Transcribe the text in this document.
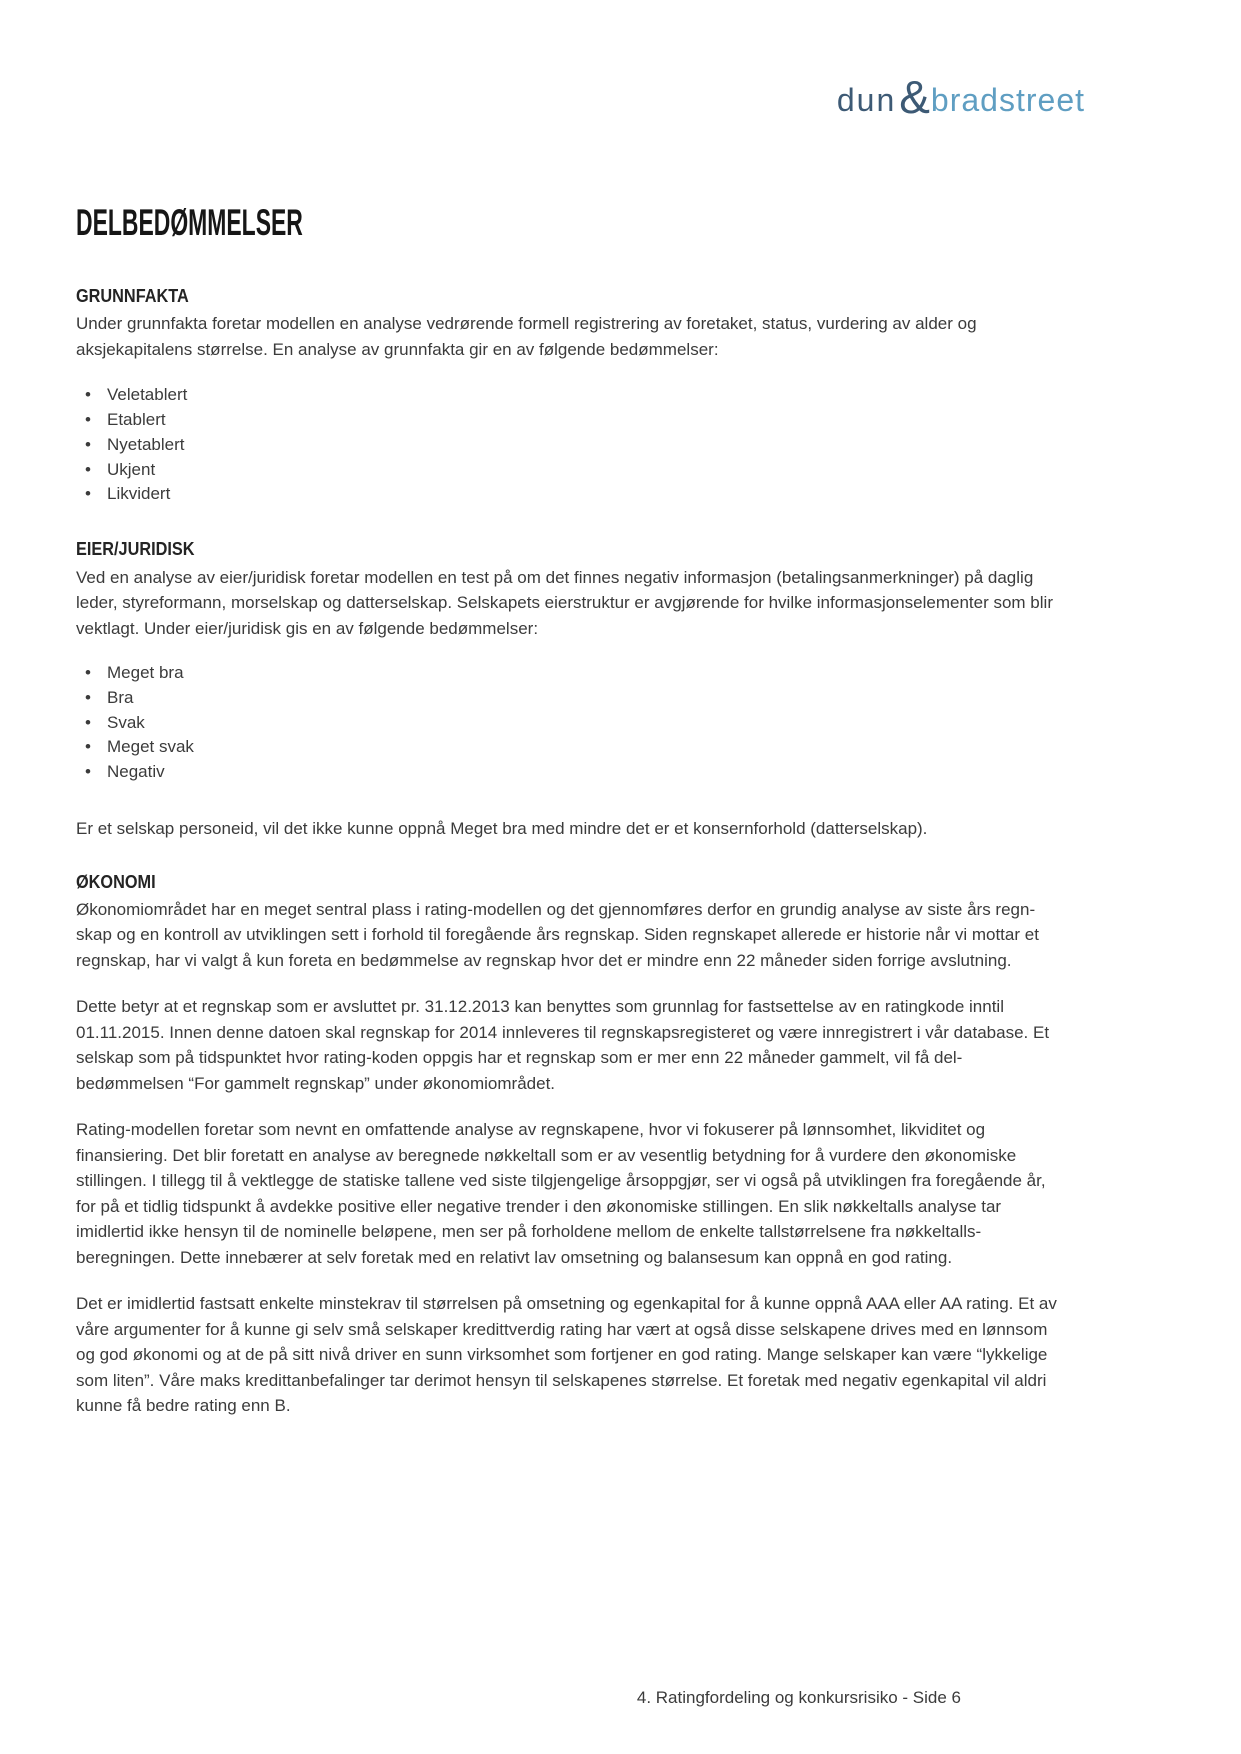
dun & bradstreet
DELBEDØMMELSER
GRUNNFAKTA

Under grunnfakta foretar modellen en analyse vedrørende formell registrering av foretaket, status, vurdering av alder og aksjekapitalens størrelse. En analyse av grunnfakta gir en av følgende bedømmelser:

• Veletablert
• Etablert
• Nyetablert
• Ukjent
• Likvidert
EIER/JURIDISK

Ved en analyse av eier/juridisk foretar modellen en test på om det finnes negativ informasjon (betalingsanmerkninger) på daglig leder, styreformann, morselskap og datterselskap. Selskapets eierstruktur er avgjørende for hvilke informasjonselementer som blir vektlagt. Under eier/juridisk gis en av følgende bedømmelser:

• Meget bra
• Bra
• Svak
• Meget svak
• Negativ

Er et selskap personeid, vil det ikke kunne oppnå Meget bra med mindre det er et konsernforhold (datterselskap).

ØKONOMI

Økonomiområdet har en meget sentral plass i rating-modellen og det gjennomføres derfor en grundig analyse av siste års regn- skap og en kontroll av utviklingen sett i forhold til foregående års regnskap. Siden regnskapet allerede er historie når vi mottar et regnskap, har vi valgt å kun foreta en bedømmelse av regnskap hvor det er mindre enn 22 måneder siden forrige avslutning.

Dette betyr at et regnskap som er avsluttet pr. 31.12.2013 kan benyttes som grunnlag for fastsettelse av en ratingkode inntil 01.11.2015. Innen denne datoen skal regnskap for 2014 innleveres til regnskapsregisteret og være innregistrert i vår database. Et selskap som på tidspunktet hvor rating-koden oppgis har et regnskap som er mer enn 22 måneder gammelt, vil få del- bedømmelsen “For gammelt regnskap” under økonomiområdet.

Rating-modellen foretar som nevnt en omfattende analyse av regnskapene, hvor vi fokuserer på lønnsomhet, likviditet og finansiering. Det blir foretatt en analyse av beregnede nøkkeltall som er av vesentlig betydning for å vurdere den økonomiske stillingen. I tillegg til å vektlegge de statiske tallene ved siste tilgjengelige årsoppgjør, ser vi også på utviklingen fra foregående år, for på et tidlig tidspunkt å avdekke positive eller negative trender i den økonomiske stillingen. En slik nøkkeltalls analyse tar imidlertid ikke hensyn til de nominelle beløpene, men ser på forholdene mellom de enkelte tallstørrelsene fra nøkkeltalls- beregningen. Dette innebærer at selv foretak med en relativt lav omsetning og balansesum kan oppnå en god rating.

Det er imidlertid fastsatt enkelte minstekrav til størrelsen på omsetning og egenkapital for å kunne oppnå AAA eller AA rating. Et av våre argumenter for å kunne gi selv små selskaper kredittverdig rating har vært at også disse selskapene drives med en lønnsom og god økonomi og at de på sitt nivå driver en sunn virksomhet som fortjener en god rating. Mange selskaper kan være “lykkelige som liten”. Våre maks kredittanbefalinger tar derimot hensyn til selskapenes størrelse. Et foretak med negativ egenkapital vil aldri kunne få bedre rating enn B.

4. Ratingfordeling og konkursrisiko - Side 6
